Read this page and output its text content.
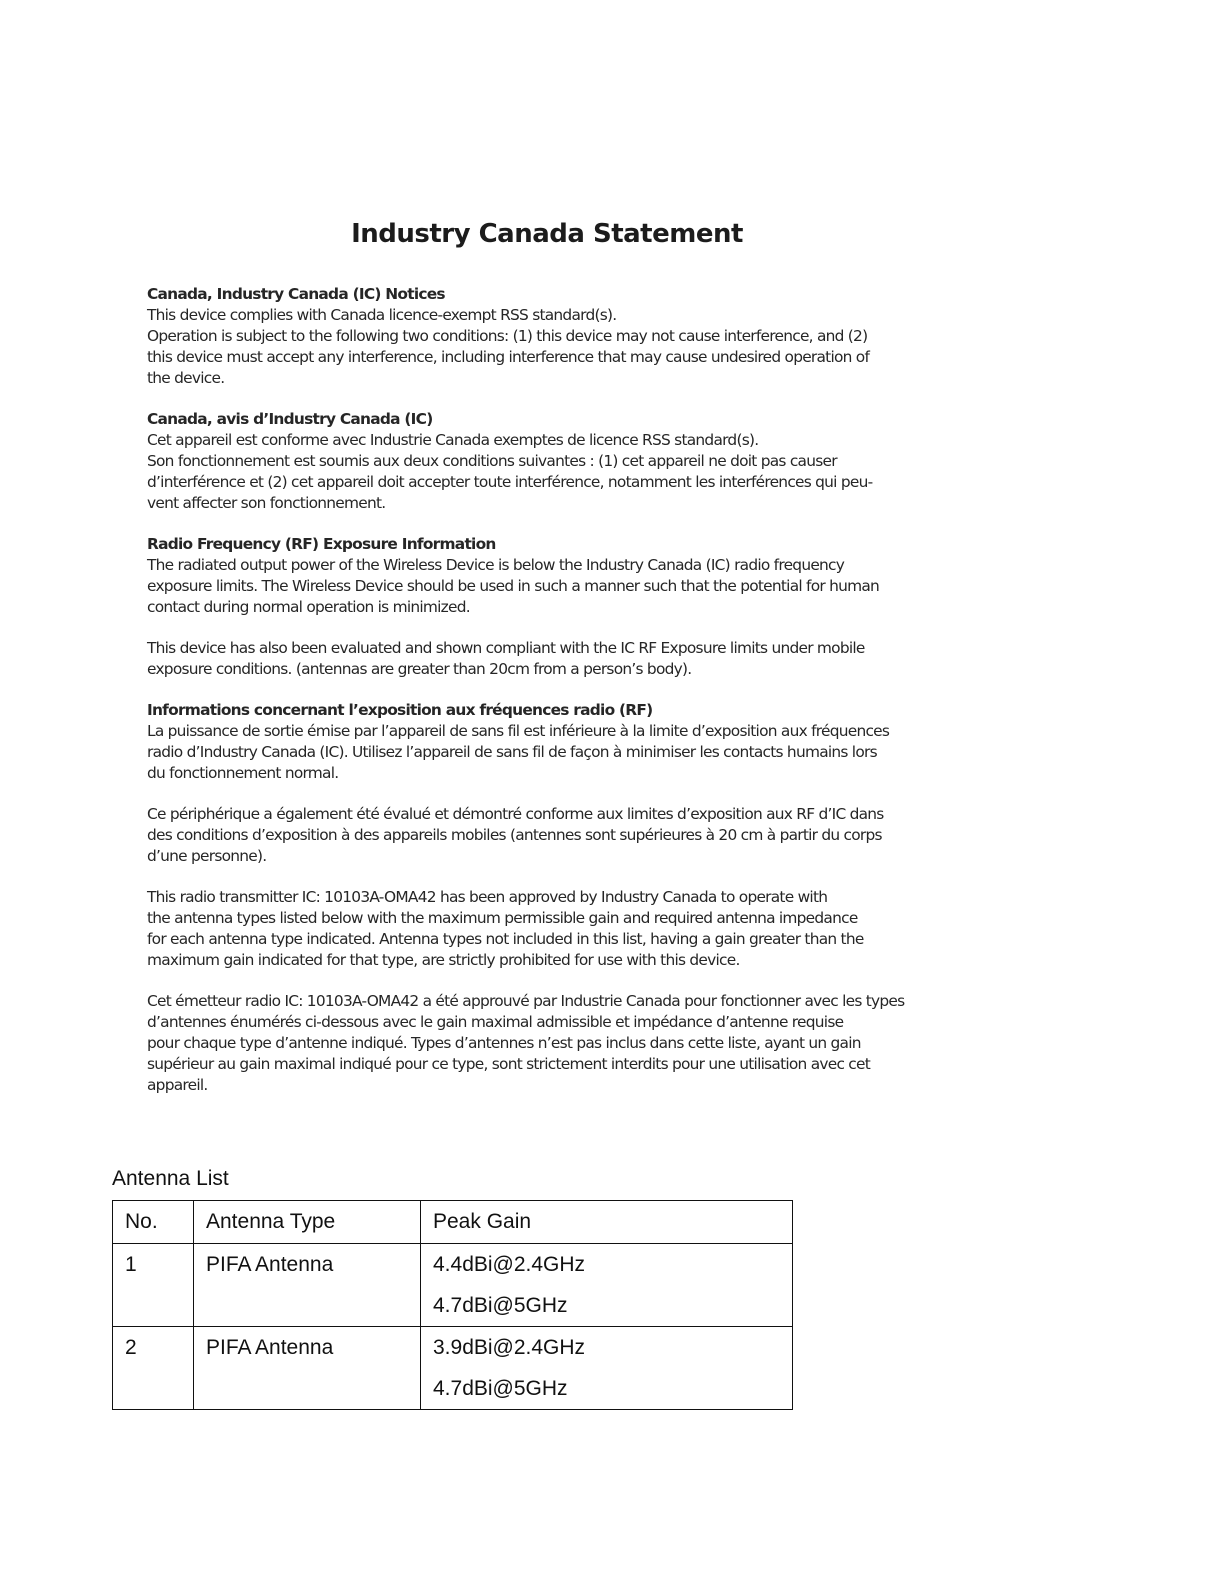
Industry Canada Statement
Canada, Industry Canada (IC) Notices

This device complies with Canada licence-exempt RSS standard(s).
Operation is subject to the following two conditions: (1) this device may not cause interference, and (2)
this device must accept any interference, including interference that may cause undesired operation of
the device.

Canada, avis d’Industry Canada (IC)

Cet appareil est conforme avec Industrie Canada exemptes de licence RSS standard(s).
Son fonctionnement est soumis aux deux conditions suivantes : (1) cet appareil ne doit pas causer
d’interférence et (2) cet appareil doit accepter toute interférence, notamment les interférences qui peu-
vent affecter son fonctionnement.

Radio Frequency (RF) Exposure Information

The radiated output power of the Wireless Device is below the Industry Canada (IC) radio frequency
exposure limits. The Wireless Device should be used in such a manner such that the potential for human
contact during normal operation is minimized.

This device has also been evaluated and shown compliant with the IC RF Exposure limits under mobile
exposure conditions. (antennas are greater than 20cm from a person’s body).

Informations concernant l’exposition aux fréquences radio (RF)

La puissance de sortie émise par l’appareil de sans fil est inférieure à la limite d’exposition aux fréquences
radio d’Industry Canada (IC). Utilisez l’appareil de sans fil de façon à minimiser les contacts humains lors
du fonctionnement normal.

Ce périphérique a également été évalué et démontré conforme aux limites d’exposition aux RF d’IC dans
des conditions d’exposition à des appareils mobiles (antennes sont supérieures à 20 cm à partir du corps
d’une personne).

This radio transmitter IC: 10103A-OMA42 has been approved by Industry Canada to operate with
the antenna types listed below with the maximum permissible gain and required antenna impedance
for each antenna type indicated. Antenna types not included in this list, having a gain greater than the
maximum gain indicated for that type, are strictly prohibited for use with this device.

Cet émetteur radio IC: 10103A-OMA42 a été approuvé par Industrie Canada pour fonctionner avec les types
d’antennes énumérés ci-dessous avec le gain maximal admissible et impédance d’antenne requise
pour chaque type d’antenne indiqué. Types d’antennes n’est pas inclus dans cette liste, ayant un gain
supérieur au gain maximal indiqué pour ce type, sont strictement interdits pour une utilisation avec cet
appareil.

Antenna List
No.	Antenna Type	Peak Gain
1	PIFA Antenna	4.4dBi@2.4GHz
4.7dBi@5GHz

2	PIFA Antenna	3.9dBi@2.4GHz
4.7dBi@5GHz
